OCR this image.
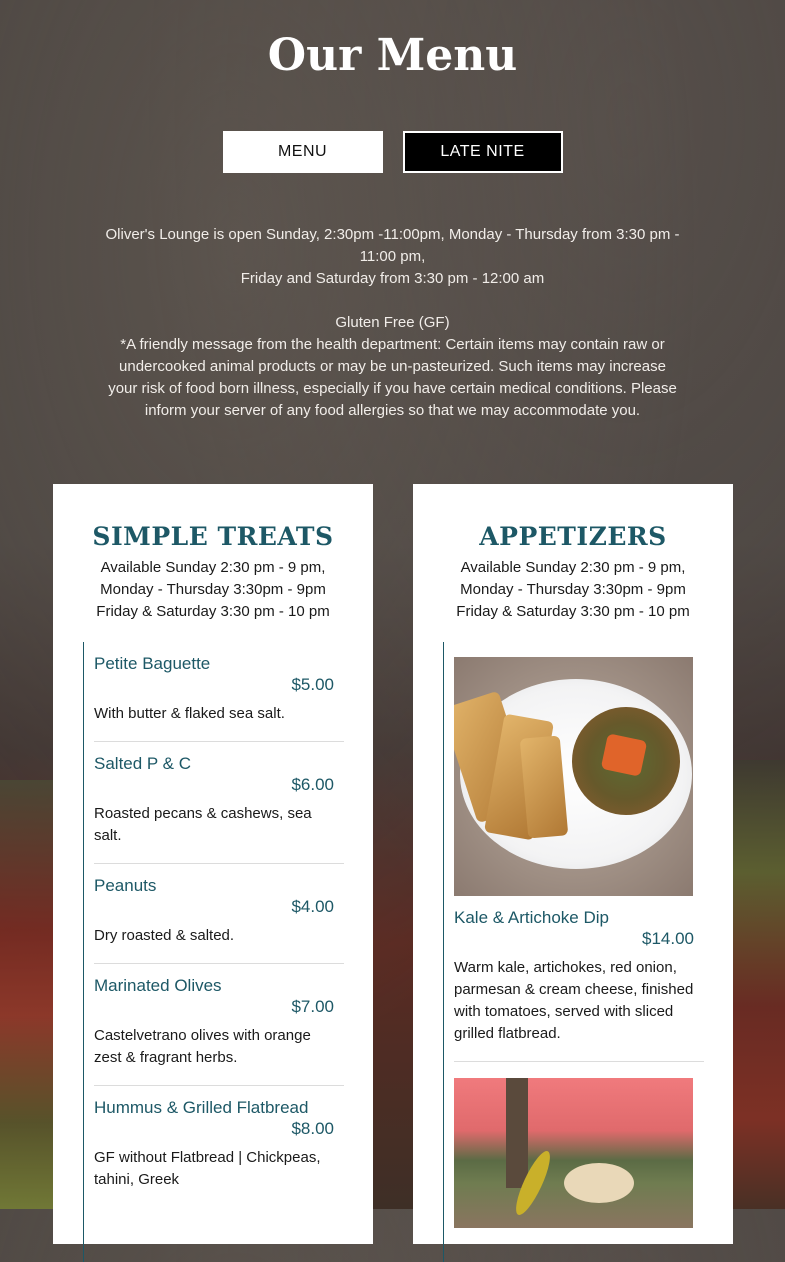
Our Menu
MENU	LATE NITE

Oliver's Lounge is open Sunday, 2:30pm -11:00pm, Monday - Thursday from 3:30 pm - 11:00 pm,

Friday and Saturday from 3:30 pm - 12:00 am

Gluten Free (GF)

*A friendly message from the health department: Certain items may contain raw or undercooked animal products or may be un-pasteurized. Such items may increase your risk of food born illness, especially if you have certain medical conditions. Please inform your server of any food allergies so that we may accommodate you.

SIMPLE TREATS
Available Sunday 2:30 pm - 9 pm,
Monday - Thursday 3:30pm - 9pm
Friday & Saturday 3:30 pm - 10 pm
Petite Baguette
$5.00
With butter & flaked sea salt.
Salted P & C
$6.00
Roasted pecans & cashews, sea salt.
Peanuts
$4.00
Dry roasted & salted.
Marinated Olives
$7.00
Castelvetrano olives with orange zest & fragrant herbs.
Hummus & Grilled Flatbread
$8.00
GF without Flatbread | Chickpeas, tahini, Greek
APPETIZERS
Available Sunday 2:30 pm - 9 pm,
Monday - Thursday 3:30pm - 9pm
Friday & Saturday 3:30 pm - 10 pm
Kale & Artichoke Dip
$14.00
Warm kale, artichokes, red onion, parmesan & cream cheese, finished with tomatoes, served with sliced grilled flatbread.
